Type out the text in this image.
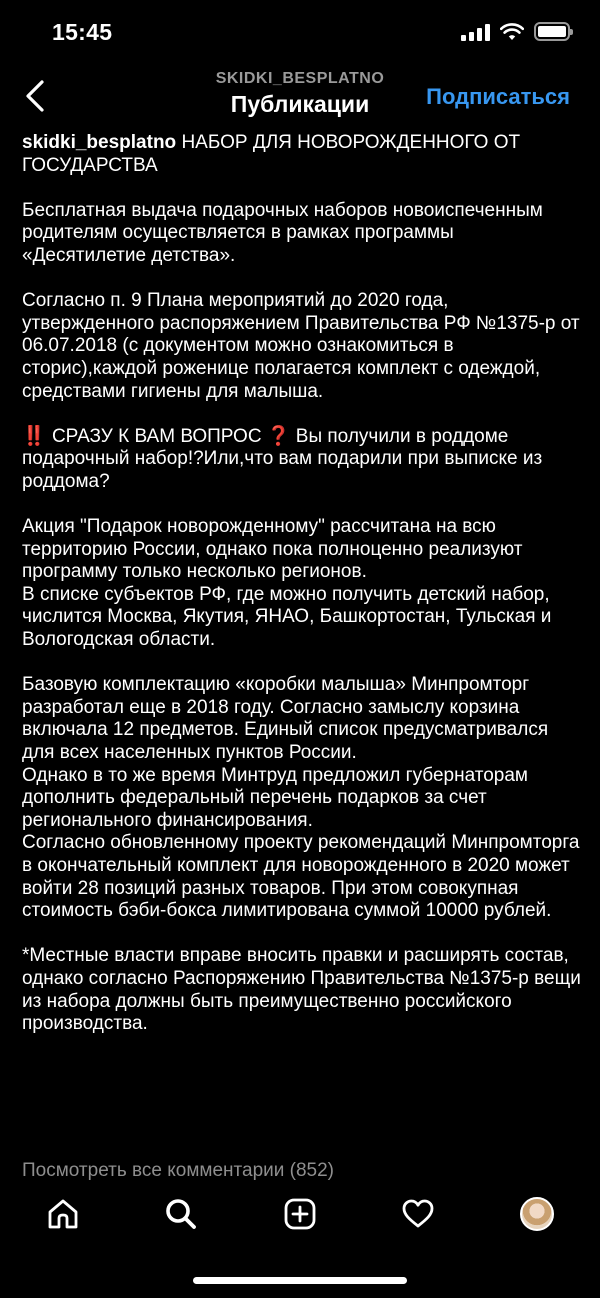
15:45
SKIDKI_BESPLATNO
Публикации	Подписаться

skidki_besplatno НАБОР ДЛЯ НОВОРОЖДЕННОГО ОТ ГОСУДАРСТВА

Бесплатная выдача подарочных наборов новоиспеченным родителям осуществляется в рамках программы «Десятилетие детства».

Согласно п. 9 Плана мероприятий до 2020 года, утвержденного распоряжением Правительства РФ №1375-р от 06.07.2018 (с документом можно ознакомиться в сторис),каждой роженице полагается комплект с одеждой, средствами гигиены для малыша.

‼️ СРАЗУ К ВАМ ВОПРОС ❓ Вы получили в роддоме подарочный набор!?Или,что вам подарили при выписке из роддома?

Акция "Подарок новорожденному" рассчитана на всю территорию России, однако пока полноценно реализуют программу только несколько регионов.
В списке субъектов РФ, где можно получить детский набор, числится Москва, Якутия, ЯНАО, Башкортостан, Тульская и Вологодская области.

Базовую комплектацию «коробки малыша» Минпромторг разработал еще в 2018 году. Согласно замыслу корзина включала 12 предметов. Единый список предусматривался для всех населенных пунктов России.
Однако в то же время Минтруд предложил губернаторам дополнить федеральный перечень подарков за счет регионального финансирования.
Согласно обновленному проекту рекомендаций Минпромторга в окончательный комплект для новорожденного в 2020 может войти 28 позиций разных товаров. При этом совокупная стоимость бэби-бокса лимитирована суммой 10000 рублей.

*Местные власти вправе вносить правки и расширять состав, однако согласно Распоряжению Правительства №1375-р вещи из набора должны быть преимущественно российского производства.

Посмотреть все комментарии (852)
